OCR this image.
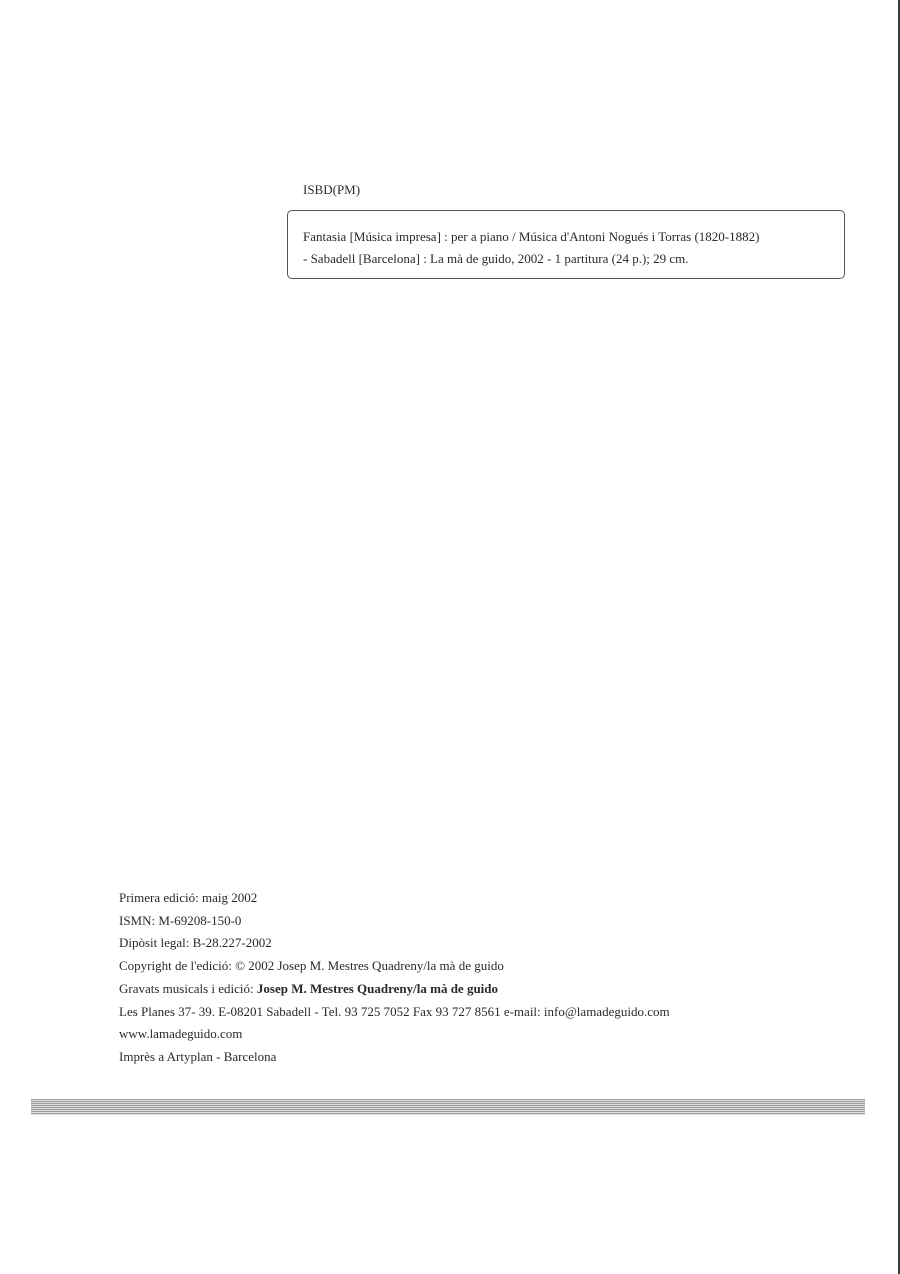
ISBD(PM)
Fantasia [Música impresa] : per a piano / Música d'Antoni Nogués i Torras (1820-1882)
- Sabadell [Barcelona] : La mà de guido, 2002 - 1 partitura (24 p.); 29 cm.
Primera edició: maig 2002
ISMN: M-69208-150-0
Dipòsit legal: B-28.227-2002
Copyright de l'edició: © 2002 Josep M. Mestres Quadreny/la mà de guido
Gravats musicals i edició: Josep M. Mestres Quadreny/la mà de guido
Les Planes 37- 39. E-08201 Sabadell - Tel. 93 725 7052 Fax 93 727 8561 e-mail: info@lamadeguido.com
www.lamadeguido.com
Imprès a Artyplan - Barcelona
